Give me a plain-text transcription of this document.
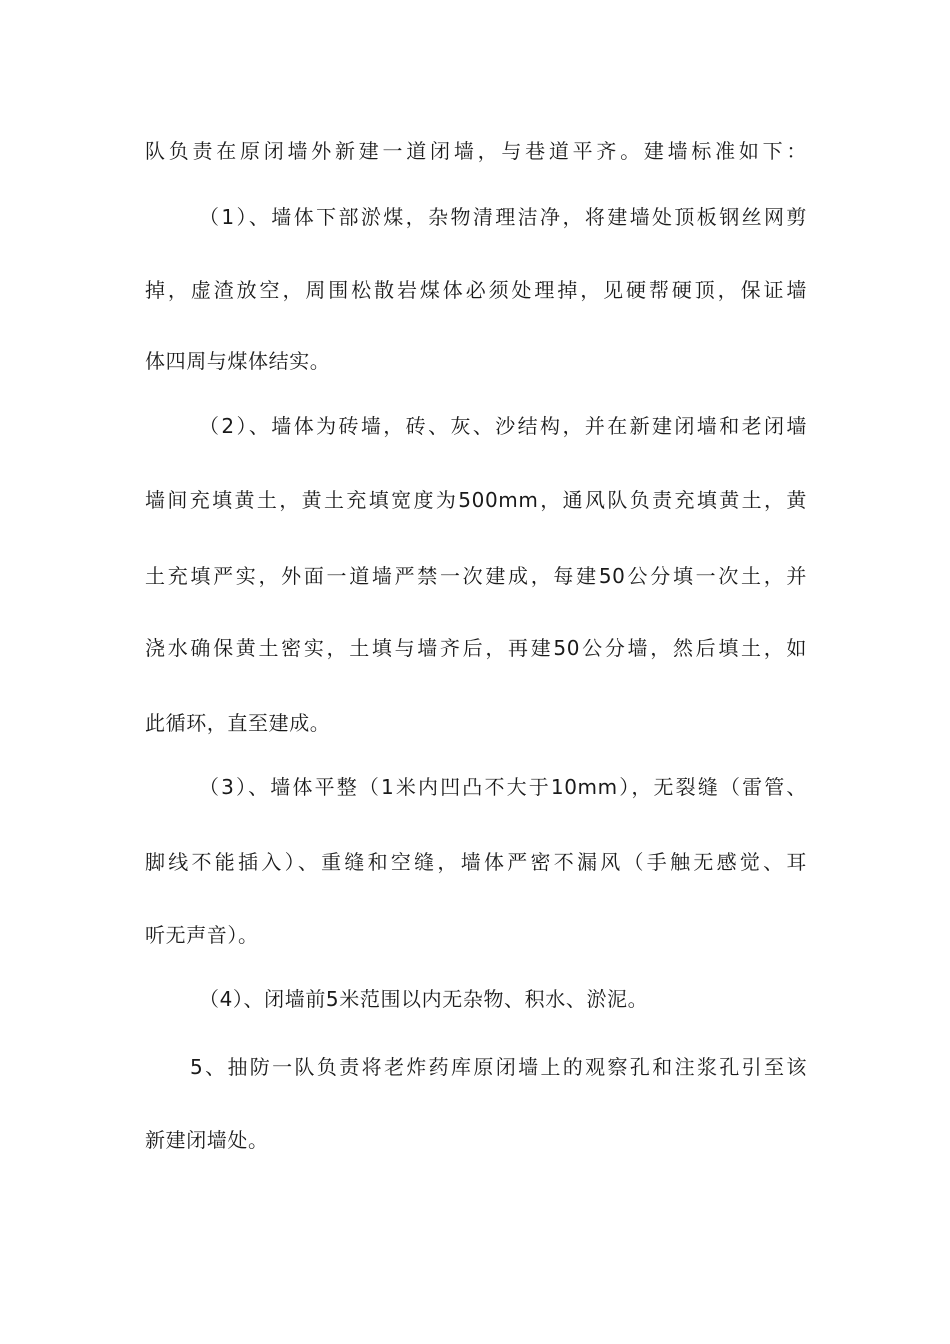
队负责在原闭墙外新建一道闭墙，与巷道平齐。建墙标准如下：
（1）、墙体下部淤煤，杂物清理洁净，将建墙处顶板钢丝网剪
掉，虚渣放空，周围松散岩煤体必须处理掉，见硬帮硬顶，保证墙
体四周与煤体结实。
（2）、墙体为砖墙，砖、灰、沙结构，并在新建闭墙和老闭墙
墙间充填黄土，黄土充填宽度为500mm，通风队负责充填黄土，黄
土充填严实，外面一道墙严禁一次建成，每建50公分填一次土，并
浇水确保黄土密实，土填与墙齐后，再建50公分墙，然后填土，如
此循环，直至建成。
（3）、墙体平整（1米内凹凸不大于10mm），无裂缝（雷管、
脚线不能插入）、重缝和空缝，墙体严密不漏风（手触无感觉、耳
听无声音）。
（4）、闭墙前5米范围以内无杂物、积水、淤泥。
5、抽防一队负责将老炸药库原闭墙上的观察孔和注浆孔引至该
新建闭墙处。
